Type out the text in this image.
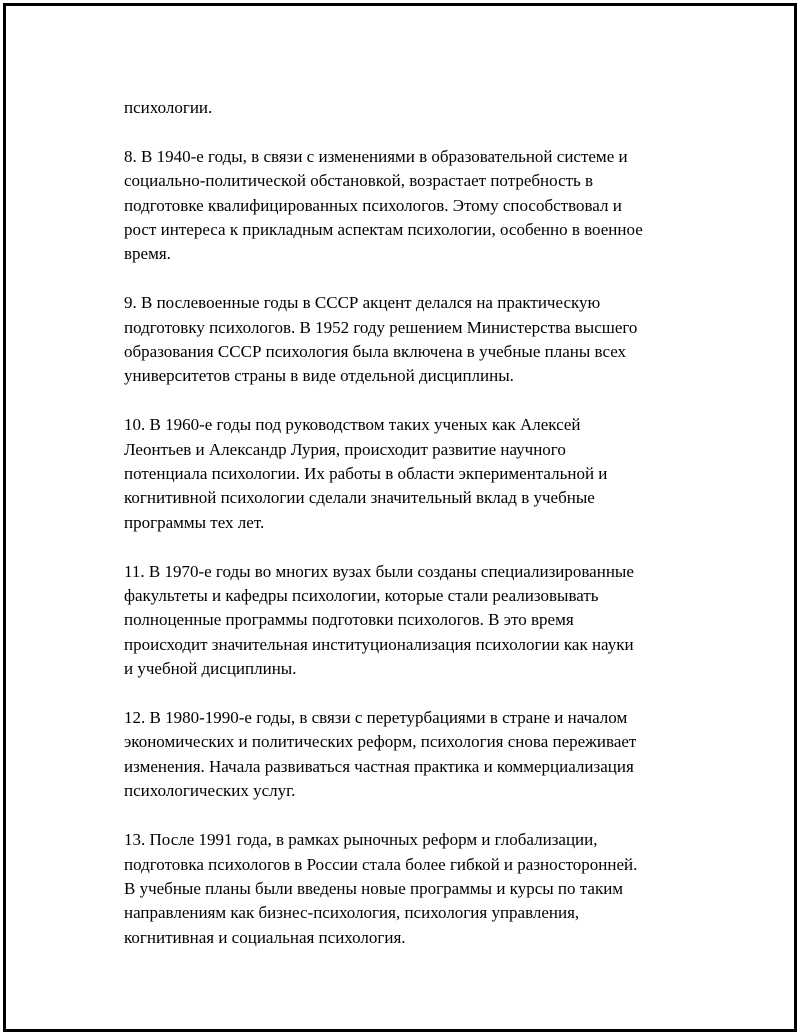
психологии.

8. В 1940-е годы, в связи с изменениями в образовательной системе и
социально-политической обстановкой, возрастает потребность в
подготовке квалифицированных психологов. Этому способствовал и
рост интереса к прикладным аспектам психологии, особенно в военное
время.

9. В послевоенные годы в СССР акцент делался на практическую
подготовку психологов. В 1952 году решением Министерства высшего
образования СССР психология была включена в учебные планы всех
университетов страны в виде отдельной дисциплины.

10. В 1960-е годы под руководством таких ученых как Алексей
Леонтьев и Александр Лурия, происходит развитие научного
потенциала психологии. Их работы в области экпериментальной и
когнитивной психологии сделали значительный вклад в учебные
программы тех лет.

11. В 1970-е годы во многих вузах были созданы специализированные
факультеты и кафедры психологии, которые стали реализовывать
полноценные программы подготовки психологов. В это время
происходит значительная институционализация психологии как науки
и учебной дисциплины.

12. В 1980-1990-е годы, в связи с перетурбациями в стране и началом
экономических и политических реформ, психология снова переживает
изменения. Начала развиваться частная практика и коммерциализация
психологических услуг.

13. После 1991 года, в рамках рыночных реформ и глобализации,
подготовка психологов в России стала более гибкой и разносторонней.
В учебные планы были введены новые программы и курсы по таким
направлениям как бизнес-психология, психология управления,
когнитивная и социальная психология.
